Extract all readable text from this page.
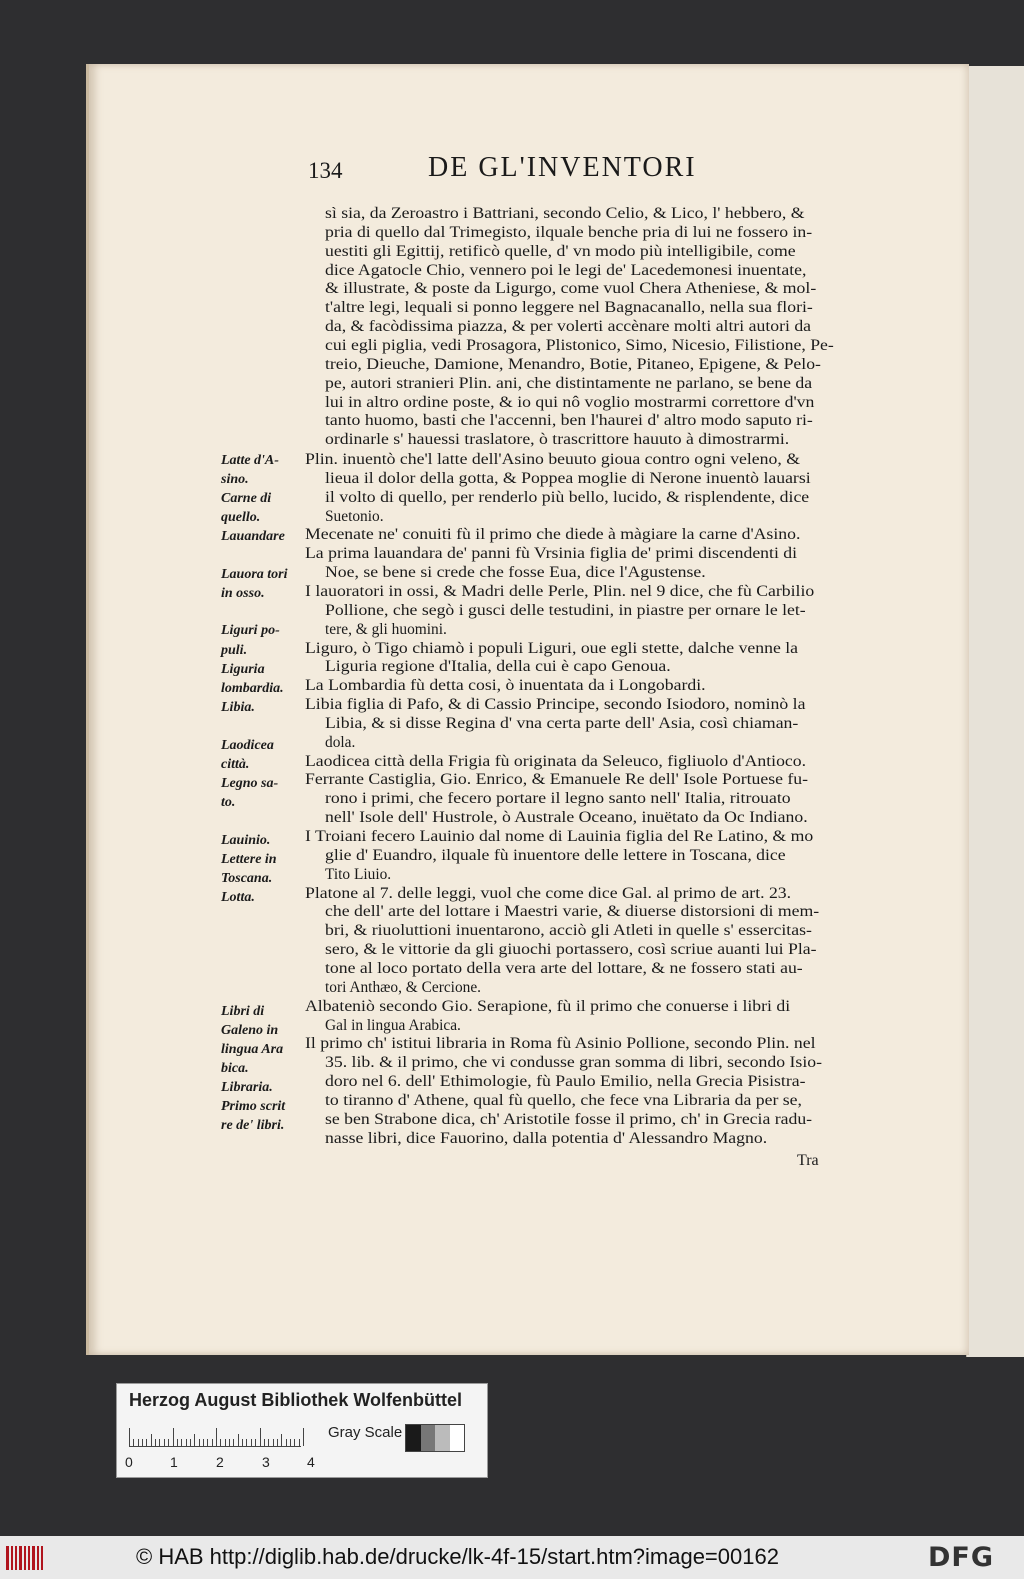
134	DE GL'INVENTORI
sì sia, da Zeroastro i Battriani, secondo Celio, & Lico, l' hebbero, &
pria di quello dal Trimegisto, ilquale benche pria di lui ne fossero in-
uestiti gli Egittij, retificò quelle, d' vn modo più intelligibile, come
dice Agatocle Chio, vennero poi le legi de' Lacedemonesi inuentate,
& illustrate, & poste da Ligurgo, come vuol Chera Atheniese, & mol-
t'altre legi, lequali si ponno leggere nel Bagnacanallo, nella sua flori-
da, & facòdissima piazza, & per volerti accènare molti altri autori da
cui egli piglia, vedi Prosagora, Plistonico, Simo, Nicesio, Filistione, Pe-
treio, Dieuche, Damione, Menandro, Botie, Pitaneo, Epigene, & Pelo-
pe, autori stranieri Plin. ani, che distintamente ne parlano, se bene da
lui in altro ordine poste, & io qui nô voglio mostrarmi correttore d'vn
tanto huomo, basti che l'accenni, ben l'haurei d' altro modo saputo ri-
ordinarle s' hauessi traslatore, ò trascrittore hauuto à dimostrarmi.
Plin. inuentò che'l latte dell'Asino beuuto gioua contro ogni veleno, &
lieua il dolor della gotta, & Poppea moglie di Nerone inuentò lauarsi
il volto di quello, per renderlo più bello, lucido, & risplendente, dice
Suetonio.
Mecenate ne' conuiti fù il primo che diede à màgiare la carne d'Asino.
La prima lauandara de' panni fù Vrsinia figlia de' primi discendenti di
Noe, se bene si crede che fosse Eua, dice l'Agustense.
I lauoratori in ossi, & Madri delle Perle, Plin. nel 9 dice, che fù Carbilio
Pollione, che segò i gusci delle testudini, in piastre per ornare le let-
tere, & gli huomini.
Liguro, ò Tigo chiamò i populi Liguri, oue egli stette, dalche venne la
Liguria regione d'Italia, della cui è capo Genoua.
La Lombardia fù detta cosi, ò inuentata da i Longobardi.
Libia figlia di Pafo, & di Cassio Principe, secondo Isiodoro, nominò la
Libia, & si disse Regina d' vna certa parte dell' Asia, così chiaman-
dola.
Laodicea città della Frigia fù originata da Seleuco, figliuolo d'Antioco.
Ferrante Castiglia, Gio. Enrico, & Emanuele Re dell' Isole Portuese fu-
rono i primi, che fecero portare il legno santo nell' Italia, ritrouato
nell' Isole dell' Hustrole, ò Australe Oceano, inuëtato da Oc Indiano.
I Troiani fecero Lauinio dal nome di Lauinia figlia del Re Latino, & mo
glie d' Euandro, ilquale fù inuentore delle lettere in Toscana, dice
Tito Liuio.
Platone al 7. delle leggi, vuol che come dice Gal. al primo de art. 23.
che dell' arte del lottare i Maestri varie, & diuerse distorsioni di mem-
bri, & riuoluttioni inuentarono, acciò gli Atleti in quelle s' essercitas-
sero, & le vittorie da gli giuochi portassero, così scriue auanti lui Pla-
tone al loco portato della vera arte del lottare, & ne fossero stati au-
tori Anthæo, & Cercione.
Albateniò secondo Gio. Serapione, fù il primo che conuerse i libri di
Gal in lingua Arabica.
Il primo ch' istitui libraria in Roma fù Asinio Pollione, secondo Plin. nel
35. lib. & il primo, che vi condusse gran somma di libri, secondo Isio-
doro nel 6. dell' Ethimologie, fù Paulo Emilio, nella Grecia Pisistra-
to tiranno d' Athene, qual fù quello, che fece vna Libraria da per se,
se ben Strabone dica, ch' Aristotile fosse il primo, ch' in Grecia radu-
nasse libri, dice Fauorino, dalla potentia d' Alessandro Magno.
Latte d'A-
sino.
Carne di
quello.
Lauandare
Lauora tori
in osso.
Liguri po-
puli.
Liguria
lombardia.
Libia.
Laodicea
città.
Legno sa-
to.
Lauinio.
Lettere in
Toscana.
Lotta.
Libri di
Galeno in
lingua Ara
bica.
Libraria.
Primo scrit
re de' libri.
Tra
Herzog August Bibliothek Wolfenbüttel
0	1	2	3	4
Gray Scale
© HAB http://diglib.hab.de/drucke/lk-4f-15/start.htm?image=00162	DFG
